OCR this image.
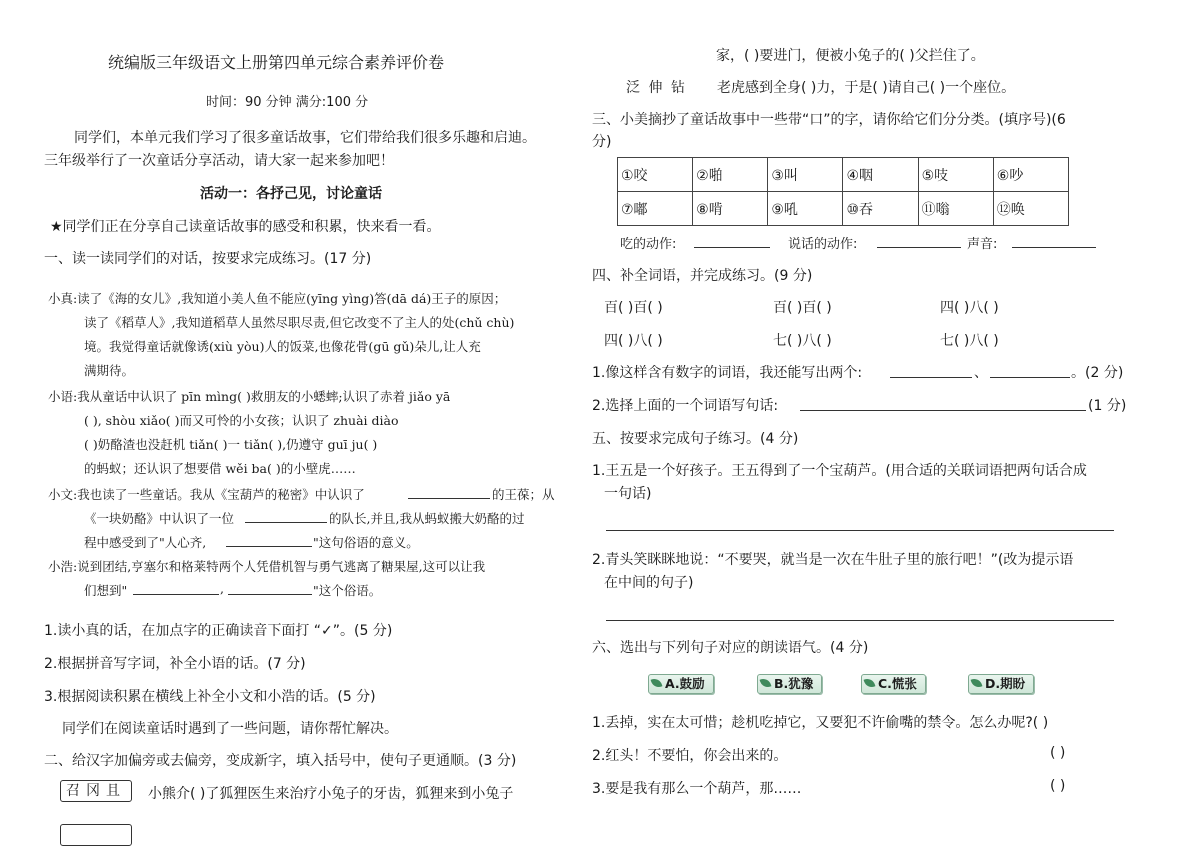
统编版三年级语文上册第四单元综合素养评价卷
时间：90 分钟 满分:100 分
同学们，本单元我们学习了很多童话故事，它们带给我们很多乐趣和启迪。
三年级举行了一次童话分享活动，请大家一起来参加吧！
活动一：各抒己见，讨论童话
★同学们正在分享自己读童话故事的感受和积累，快来看一看。
一、读一读同学们的对话，按要求完成练习。(17 分)
小真:读了《海的女儿》,我知道小美人鱼不能应(yīng yìng)答(dā dá)王子的原因；
读了《稻草人》,我知道稻草人虽然尽职尽责,但它改变不了主人的处(chǔ chù)
境。我觉得童话就像诱(xiù yòu)人的饭菜,也像花骨(gū gǔ)朵儿,让人充
满期待。
小语:我从童话中认识了 pīn mìng( )救朋友的小蟋蟀;认识了赤着 jiǎo yā
( ), shòu xiǎo( )而又可怜的小女孩；认识了 zhuài diào
( )奶酪渣也没赶机 tiǎn( )一 tiǎn( ),仍遵守 guī ju( )
的蚂蚁；还认识了想要借 wěi ba( )的小壁虎……
小文:我也读了一些童话。我从《宝葫芦的秘密》中认识了	的王葆；从
《一块奶酪》中认识了一位	的队长,并且,我从蚂蚁搬大奶酪的过
程中感受到了"人心齐,	"这句俗语的意义。
小浩:说到团结,亨塞尔和格莱特两个人凭借机智与勇气逃离了糖果屋,这可以让我
们想到"	,	"这个俗语。
1.读小真的话，在加点字的正确读音下面打 “✓”。(5 分)
2.根据拼音写字词，补全小语的话。(7 分)
3.根据阅读积累在横线上补全小文和小浩的话。(5 分)
同学们在阅读童话时遇到了一些问题，请你帮忙解决。
二、给汉字加偏旁或去偏旁，变成新字，填入括号中，使句子更通顺。(3 分)
召冈且	小熊介( )了狐狸医生来治疗小兔子的牙齿，狐狸来到小兔子
家，( )要进门，便被小兔子的( )父拦住了。
泛 伸 钻 老虎感到全身( )力，于是( )请自己( )一个座位。
三、小美摘抄了童话故事中一些带“口”的字，请你给它们分分类。(填序号)(6
分)
①咬	②啪	③叫	④咽	⑤吱	⑥吵
⑦嘟	⑧啃	⑨吼	⑩吞	⑪嗡	⑫唤
吃的动作:	说话的动作:	声音:
四、补全词语，并完成练习。(9 分)
百( )百( )	百( )百( )	四( )八( )
四( )八( )	七( )八( )	七( )八( )
1.像这样含有数字的词语，我还能写出两个:	、	。(2 分)
2.选择上面的一个词语写句话:	(1 分)
五、按要求完成句子练习。(4 分)
1.王五是一个好孩子。王五得到了一个宝葫芦。(用合适的关联词语把两句话合成
一句话)
2.青头笑眯眯地说：“不要哭，就当是一次在牛肚子里的旅行吧！”(改为提示语
在中间的句子)
六、选出与下列句子对应的朗读语气。(4 分)
A.鼓励	B.犹豫	C.慌张	D.期盼
1.丢掉，实在太可惜；趁机吃掉它，又要犯不许偷嘴的禁令。怎么办呢?( )
2.红头！不要怕，你会出来的。	( )
3.要是我有那么一个葫芦，那……	( )
